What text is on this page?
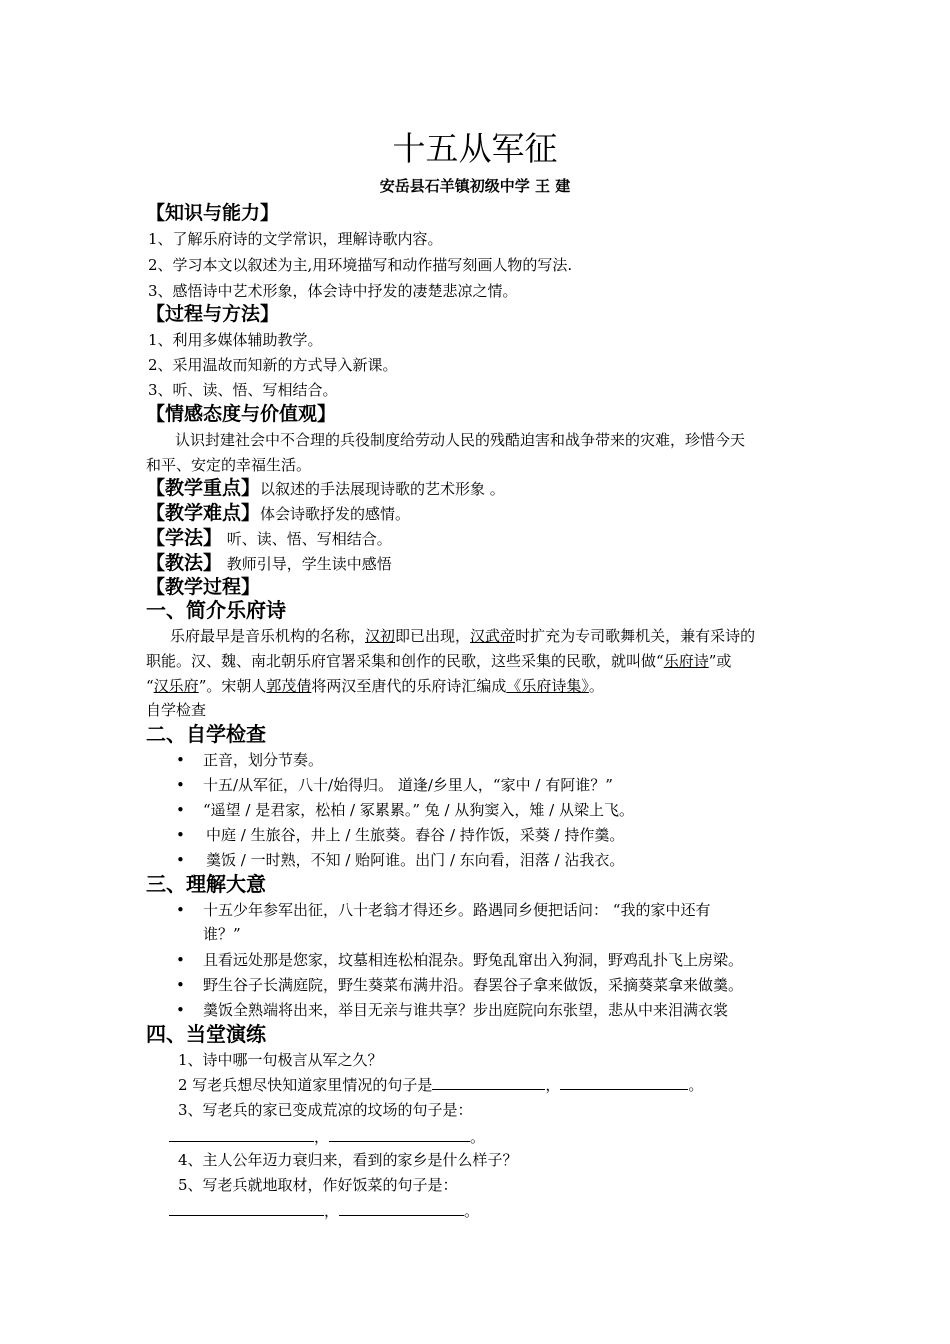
十五从军征
安岳县石羊镇初级中学 王 建
【知识与能力】
1、了解乐府诗的文学常识，理解诗歌内容。
2、学习本文以叙述为主,用环境描写和动作描写刻画人物的写法.
3、感悟诗中艺术形象，体会诗中抒发的凄楚悲凉之情。
【过程与方法】
1、利用多媒体辅助教学。
2、采用温故而知新的方式导入新课。
3、听、读、悟、写相结合。
【情感态度与价值观】
认识封建社会中不合理的兵役制度给劳动人民的残酷迫害和战争带来的灾难，珍惜今天
和平、安定的幸福生活。
【教学重点】以叙述的手法展现诗歌的艺术形象 。
【教学难点】体会诗歌抒发的感情。
【学法】 听、读、悟、写相结合。
【教法】 教师引导，学生读中感悟
【教学过程】
一、简介乐府诗
乐府最早是音乐机构的名称，汉初即已出现，汉武帝时扩充为专司歌舞机关，兼有采诗的
职能。汉、魏、南北朝乐府官署采集和创作的民歌，这些采集的民歌，就叫做“乐府诗”或
“汉乐府”。宋朝人郭茂倩将两汉至唐代的乐府诗汇编成《乐府诗集》。
自学检查
二、自学检查
• 正音，划分节奏。
• 十五/从军征，八十/始得归。 道逢/乡里人，“家中 / 有阿谁？”
• “遥望 / 是君家，松柏 / 冢累累。” 兔 / 从狗窦入，雉 / 从梁上飞。
• 中庭 / 生旅谷，井上 / 生旅葵。舂谷 / 持作饭，采葵 / 持作羹。
• 羹饭 / 一时熟，不知 / 贻阿谁。出门 / 东向看，泪落 / 沾我衣。
三、理解大意
• 十五少年参军出征，八十老翁才得还乡。路遇同乡便把话问： “我的家中还有
谁？”
• 且看远处那是您家，坟墓相连松柏混杂。野兔乱窜出入狗洞，野鸡乱扑飞上房梁。
• 野生谷子长满庭院，野生葵菜布满井沿。舂罢谷子拿来做饭，采摘葵菜拿来做羹。
• 羹饭全熟端将出来，举目无亲与谁共享？步出庭院向东张望，悲从中来泪满衣裳
四、当堂演练
1、诗中哪一句极言从军之久？
2 写老兵想尽快知道家里情况的句子是	，	。
3、写老兵的家已变成荒凉的坟场的句子是：
，	。
4、主人公年迈力衰归来，看到的家乡是什么样子？
5、写老兵就地取材，作好饭菜的句子是：
，	。
